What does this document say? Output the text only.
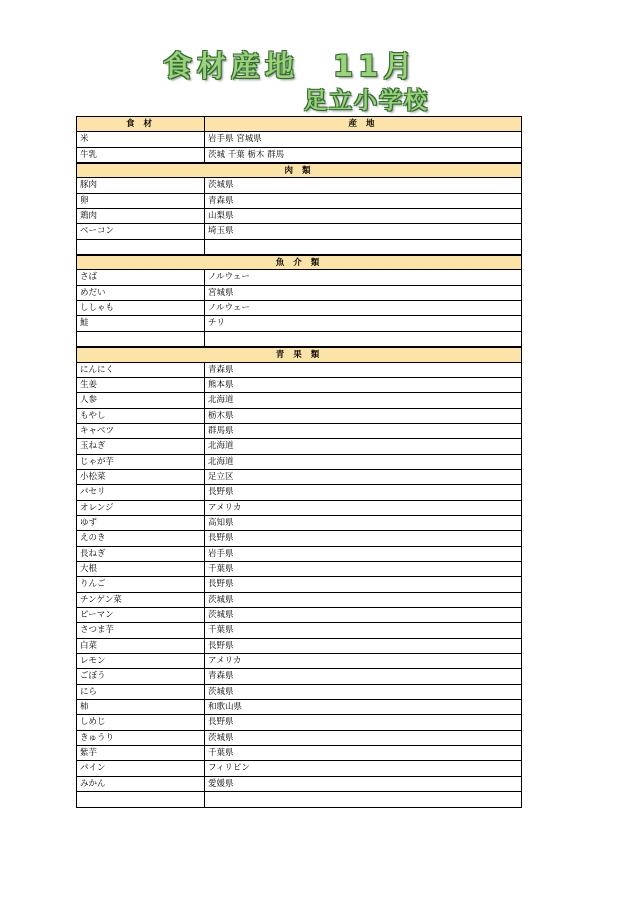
食材産地　11月
足立小学校
食 材	産 地
米	岩手県 宮城県
牛乳	茨城 千葉 栃木 群馬
肉 類
豚肉	茨城県
卵	青森県
鶏肉	山梨県
ベーコン	埼玉県
魚 介 類
さば	ノルウェー
めだい	宮城県
ししゃも	ノルウェー
鮭	チリ
青 果 類
にんにく	青森県
生姜	熊本県
人参	北海道
もやし	栃木県
キャベツ	群馬県
玉ねぎ	北海道
じゃが芋	北海道
小松菜	足立区
パセリ	長野県
オレンジ	アメリカ
ゆず	高知県
えのき	長野県
長ねぎ	岩手県
大根	千葉県
りんご	長野県
チンゲン菜	茨城県
ピーマン	茨城県
さつま芋	千葉県
白菜	長野県
レモン	アメリカ
ごぼう	青森県
にら	茨城県
柿	和歌山県
しめじ	長野県
きゅうり	茨城県
紫芋	千葉県
パイン	フィリピン
みかん	愛媛県
